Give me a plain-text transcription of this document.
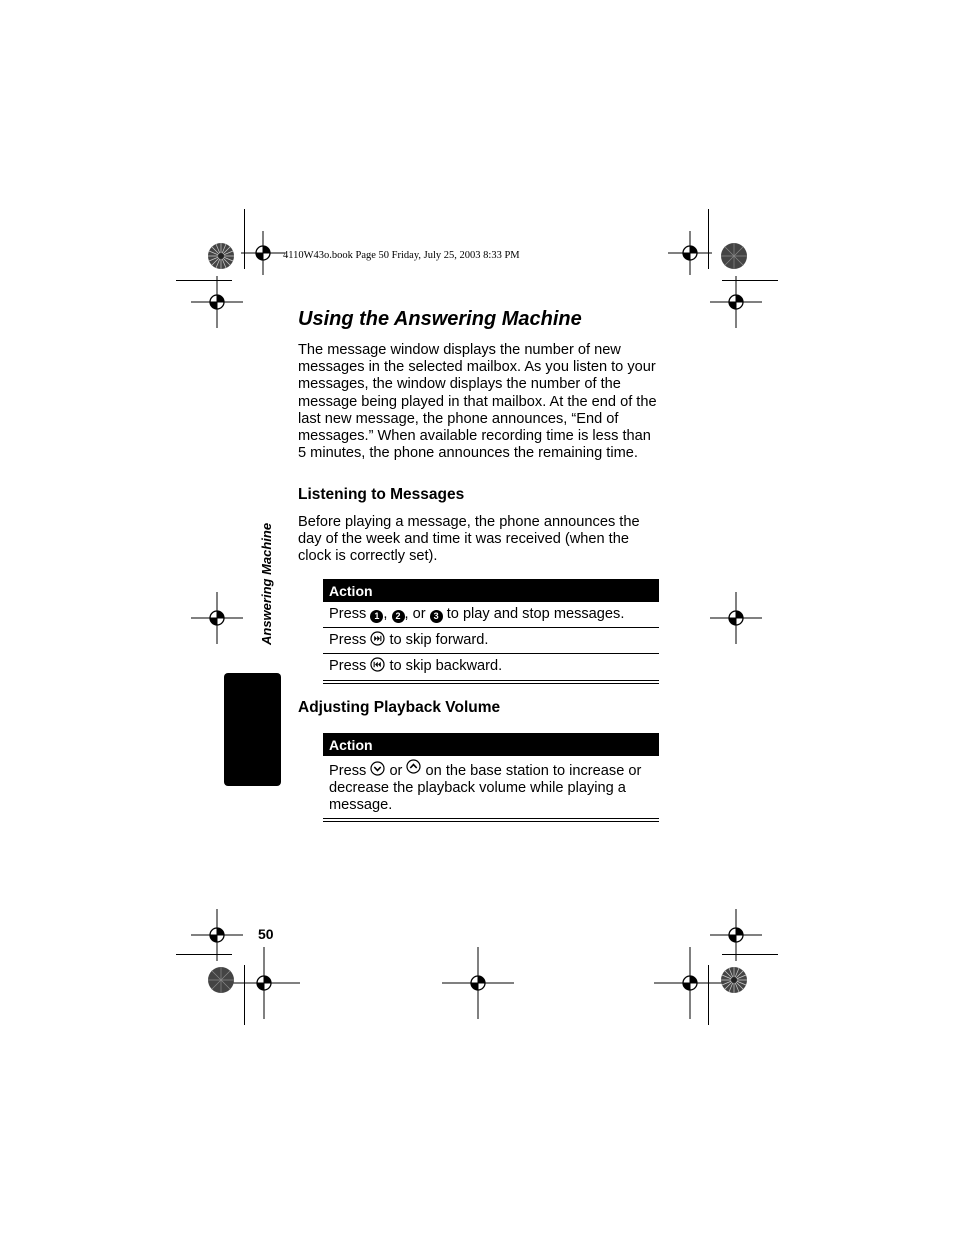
4110W43o.book Page 50 Friday, July 25, 2003 8:33 PM
Using the Answering Machine
The message window displays the number of new messages in the selected mailbox. As you listen to your messages, the window displays the number of the message being played in that mailbox. At the end of the last new message, the phone announces, “End of messages.” When available recording time is less than 5 minutes, the phone announces the remaining time.
Listening to Messages
Before playing a message, the phone announces the day of the week and time it was received (when the clock is correctly set).
Action
Press 1 , 2 , or 3 to play and stop messages.
Press to skip forward.
Press to skip backward.
Adjusting Playback Volume
Action
Press or on the base station to increase or decrease the playback volume while playing a message.
Answering Machine
50
